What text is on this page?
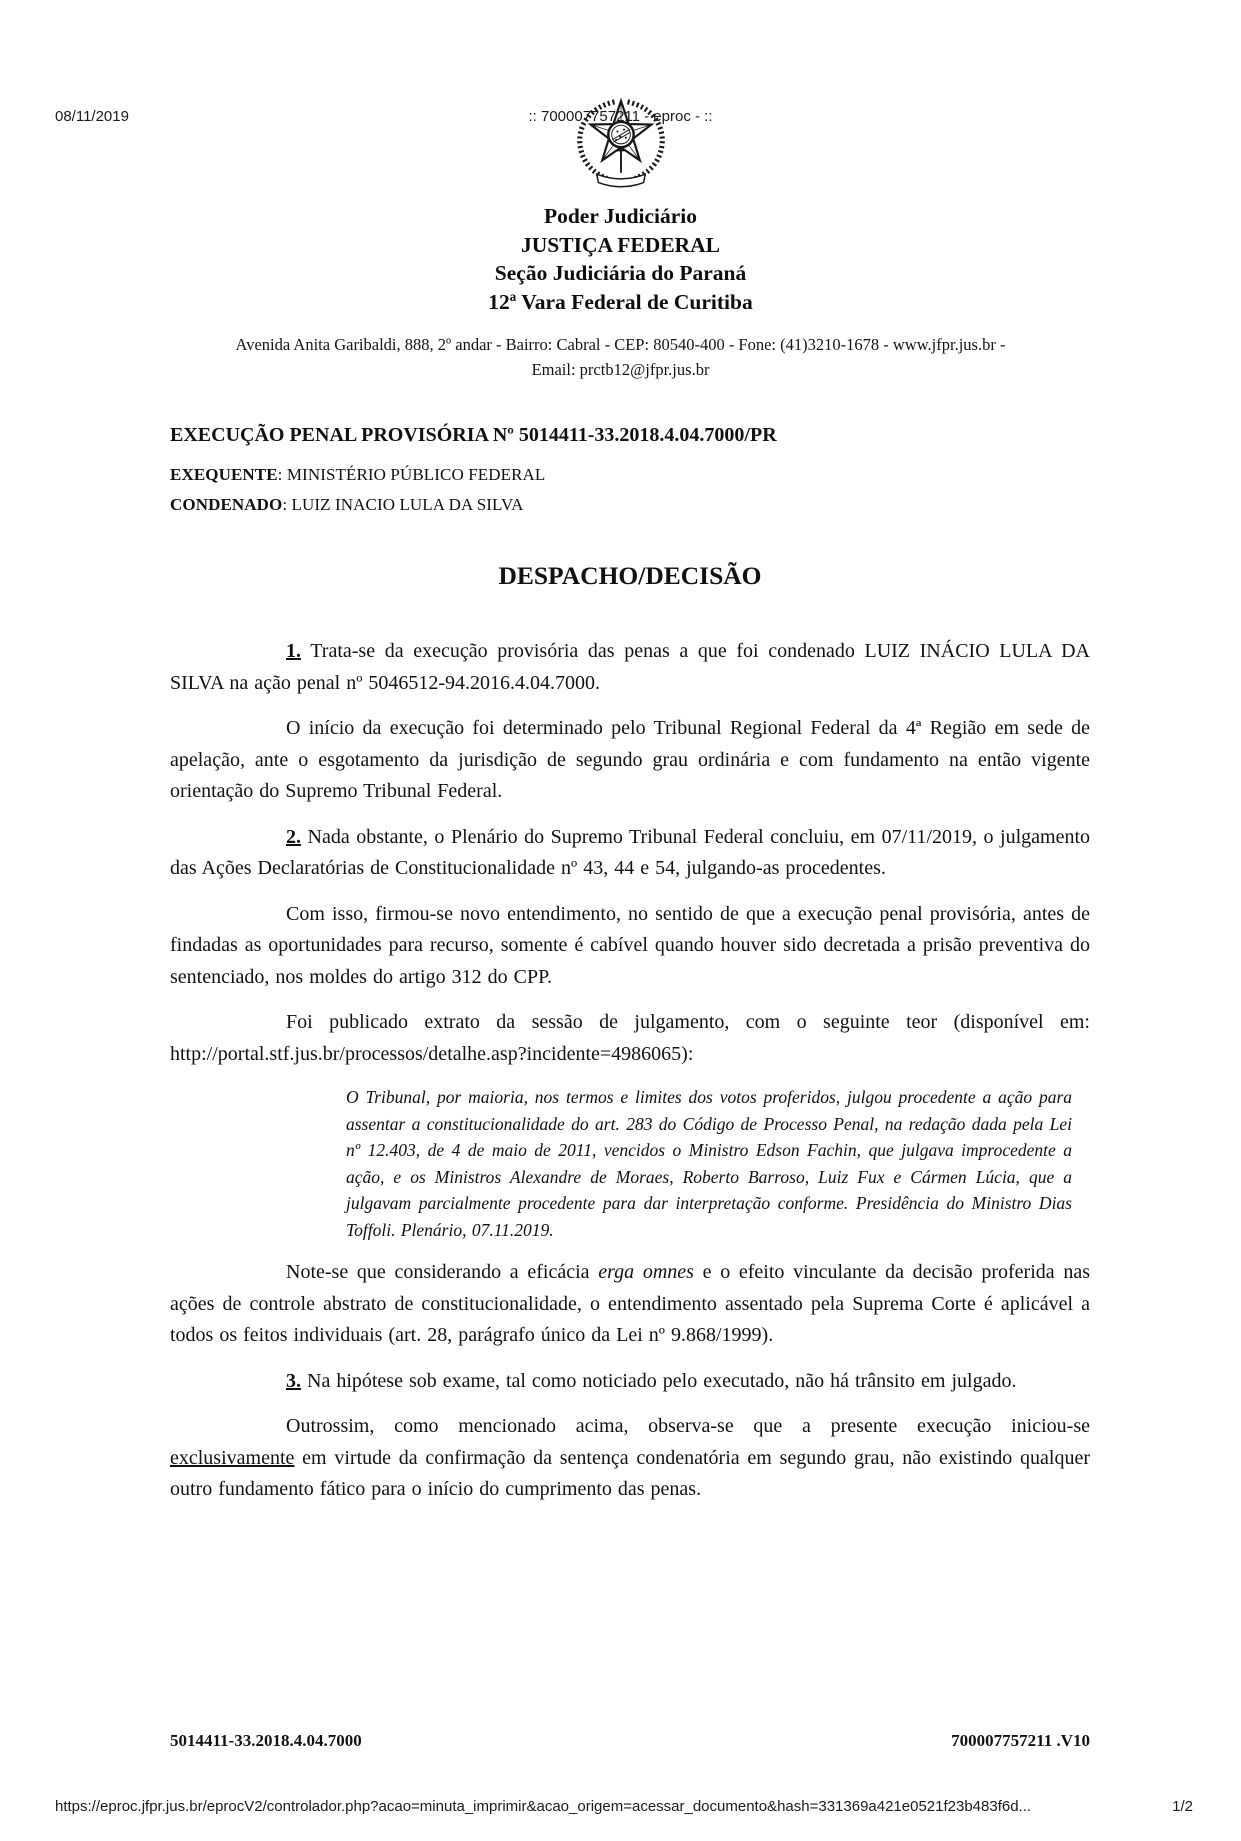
08/11/2019	:: 700007757211 - eproc - ::
Poder Judiciário
JUSTIÇA FEDERAL
Seção Judiciária do Paraná
12ª Vara Federal de Curitiba
Avenida Anita Garibaldi, 888, 2º andar - Bairro: Cabral - CEP: 80540-400 - Fone: (41)3210-1678 - www.jfpr.jus.br -
Email: prctb12@jfpr.jus.br
EXECUÇÃO PENAL PROVISÓRIA Nº 5014411-33.2018.4.04.7000/PR
EXEQUENTE: MINISTÉRIO PÚBLICO FEDERAL
CONDENADO: LUIZ INACIO LULA DA SILVA
DESPACHO/DECISÃO

1. Trata-se da execução provisória das penas a que foi condenado LUIZ INÁCIO LULA DA SILVA na ação penal nº 5046512-94.2016.4.04.7000.

O início da execução foi determinado pelo Tribunal Regional Federal da 4ª Região em sede de apelação, ante o esgotamento da jurisdição de segundo grau ordinária e com fundamento na então vigente orientação do Supremo Tribunal Federal.

2. Nada obstante, o Plenário do Supremo Tribunal Federal concluiu, em 07/11/2019, o julgamento das Ações Declaratórias de Constitucionalidade nº 43, 44 e 54, julgando-as procedentes.

Com isso, firmou-se novo entendimento, no sentido de que a execução penal provisória, antes de findadas as oportunidades para recurso, somente é cabível quando houver sido decretada a prisão preventiva do sentenciado, nos moldes do artigo 312 do CPP.

Foi publicado extrato da sessão de julgamento, com o seguinte teor (disponível em: http://portal.stf.jus.br/processos/detalhe.asp?incidente=4986065):

O Tribunal, por maioria, nos termos e limites dos votos proferidos, julgou procedente a ação para assentar a constitucionalidade do art. 283 do Código de Processo Penal, na redação dada pela Lei nº 12.403, de 4 de maio de 2011, vencidos o Ministro Edson Fachin, que julgava improcedente a ação, e os Ministros Alexandre de Moraes, Roberto Barroso, Luiz Fux e Cármen Lúcia, que a julgavam parcialmente procedente para dar interpretação conforme. Presidência do Ministro Dias Toffoli. Plenário, 07.11.2019.

Note-se que considerando a eficácia erga omnes e o efeito vinculante da decisão proferida nas ações de controle abstrato de constitucionalidade, o entendimento assentado pela Suprema Corte é aplicável a todos os feitos individuais (art. 28, parágrafo único da Lei nº 9.868/1999).

3. Na hipótese sob exame, tal como noticiado pelo executado, não há trânsito em julgado.

Outrossim, como mencionado acima, observa-se que a presente execução iniciou-se exclusivamente em virtude da confirmação da sentença condenatória em segundo grau, não existindo qualquer outro fundamento fático para o início do cumprimento das penas.

5014411-33.2018.4.04.7000	700007757211 .V10
https://eproc.jfpr.jus.br/eprocV2/controlador.php?acao=minuta_imprimir&acao_origem=acessar_documento&hash=331369a421e0521f23b483f6d...	1/2
